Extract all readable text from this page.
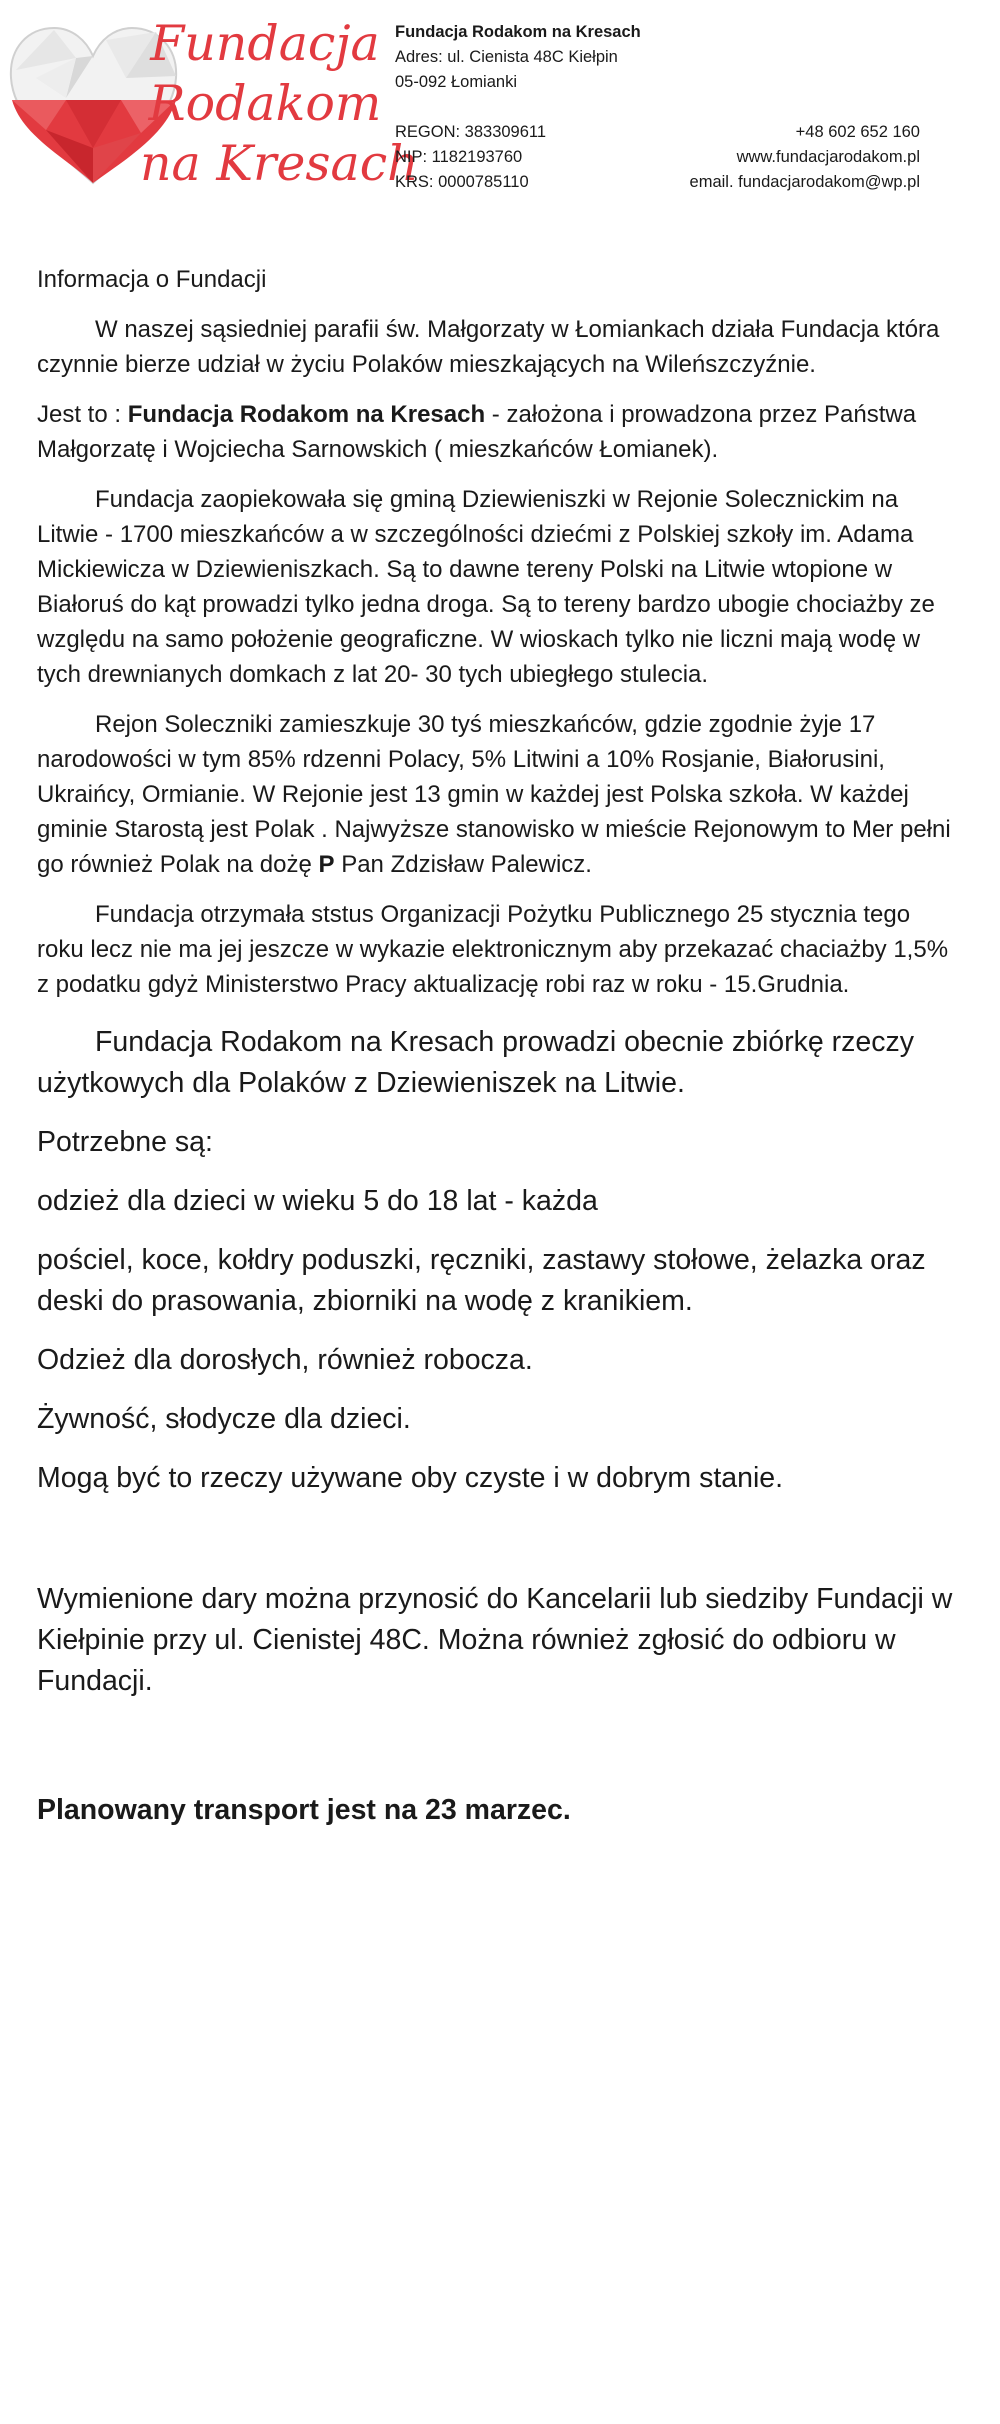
Fundacja
Rodakom
na Kresach
Fundacja Rodakom na Kresach
Adres: ul. Cienista 48C Kiełpin
05-092 Łomianki
REGON: 383309611	+48 602 652 160
NIP: 1182193760	www.fundacjarodakom.pl
KRS: 0000785110	email. fundacjarodakom@wp.pl

Informacja o Fundacji

W naszej sąsiedniej parafii św. Małgorzaty w Łomiankach działa Fundacja która czynnie bierze udział w życiu Polaków mieszkających na Wileńszczyźnie.

Jest to : Fundacja Rodakom na Kresach - założona i prowadzona przez Państwa Małgorzatę i Wojciecha Sarnowskich ( mieszkańców Łomianek).

Fundacja zaopiekowała się gminą Dziewieniszki w Rejonie Solecznickim na Litwie - 1700 mieszkańców a w szczególności dziećmi z Polskiej szkoły im. Adama Mickiewicza w Dziewieniszkach. Są to dawne tereny Polski na Litwie wtopione w Białoruś do kąt prowadzi tylko jedna droga. Są to tereny bardzo ubogie chociażby ze względu na samo położenie geograficzne. W wioskach tylko nie liczni mają wodę w tych drewnianych domkach z lat 20- 30 tych ubiegłego stulecia.

Rejon Soleczniki zamieszkuje 30 tyś mieszkańców, gdzie zgodnie żyje 17 narodowości w tym 85% rdzenni Polacy, 5% Litwini a 10% Rosjanie, Białorusini, Ukraińcy, Ormianie. W Rejonie jest 13 gmin w każdej jest Polska szkoła. W każdej gminie Starostą jest Polak . Najwyższe stanowisko w mieście Rejonowym to Mer pełni go również Polak na dożę P Pan Zdzisław Palewicz.

Fundacja otrzymała ststus Organizacji Pożytku Publicznego 25 stycznia tego roku lecz nie ma jej jeszcze w wykazie elektronicznym aby przekazać chaciażby 1,5% z podatku gdyż Ministerstwo Pracy aktualizację robi raz w roku - 15.Grudnia.

Fundacja Rodakom na Kresach prowadzi obecnie zbiórkę rzeczy użytkowych dla Polaków z Dziewieniszek na Litwie.

Potrzebne są:

odzież dla dzieci w wieku 5 do 18 lat - każda

pościel, koce, kołdry poduszki, ręczniki, zastawy stołowe, żelazka oraz deski do prasowania, zbiorniki na wodę z kranikiem.

Odzież dla dorosłych, również robocza.

Żywność, słodycze dla dzieci.

Mogą być to rzeczy używane oby czyste i w dobrym stanie.

Wymienione dary można przynosić do Kancelarii lub siedziby Fundacji w Kiełpinie przy ul. Cienistej 48C. Można również zgłosić do odbioru w Fundacji.

Planowany transport jest na 23 marzec.
